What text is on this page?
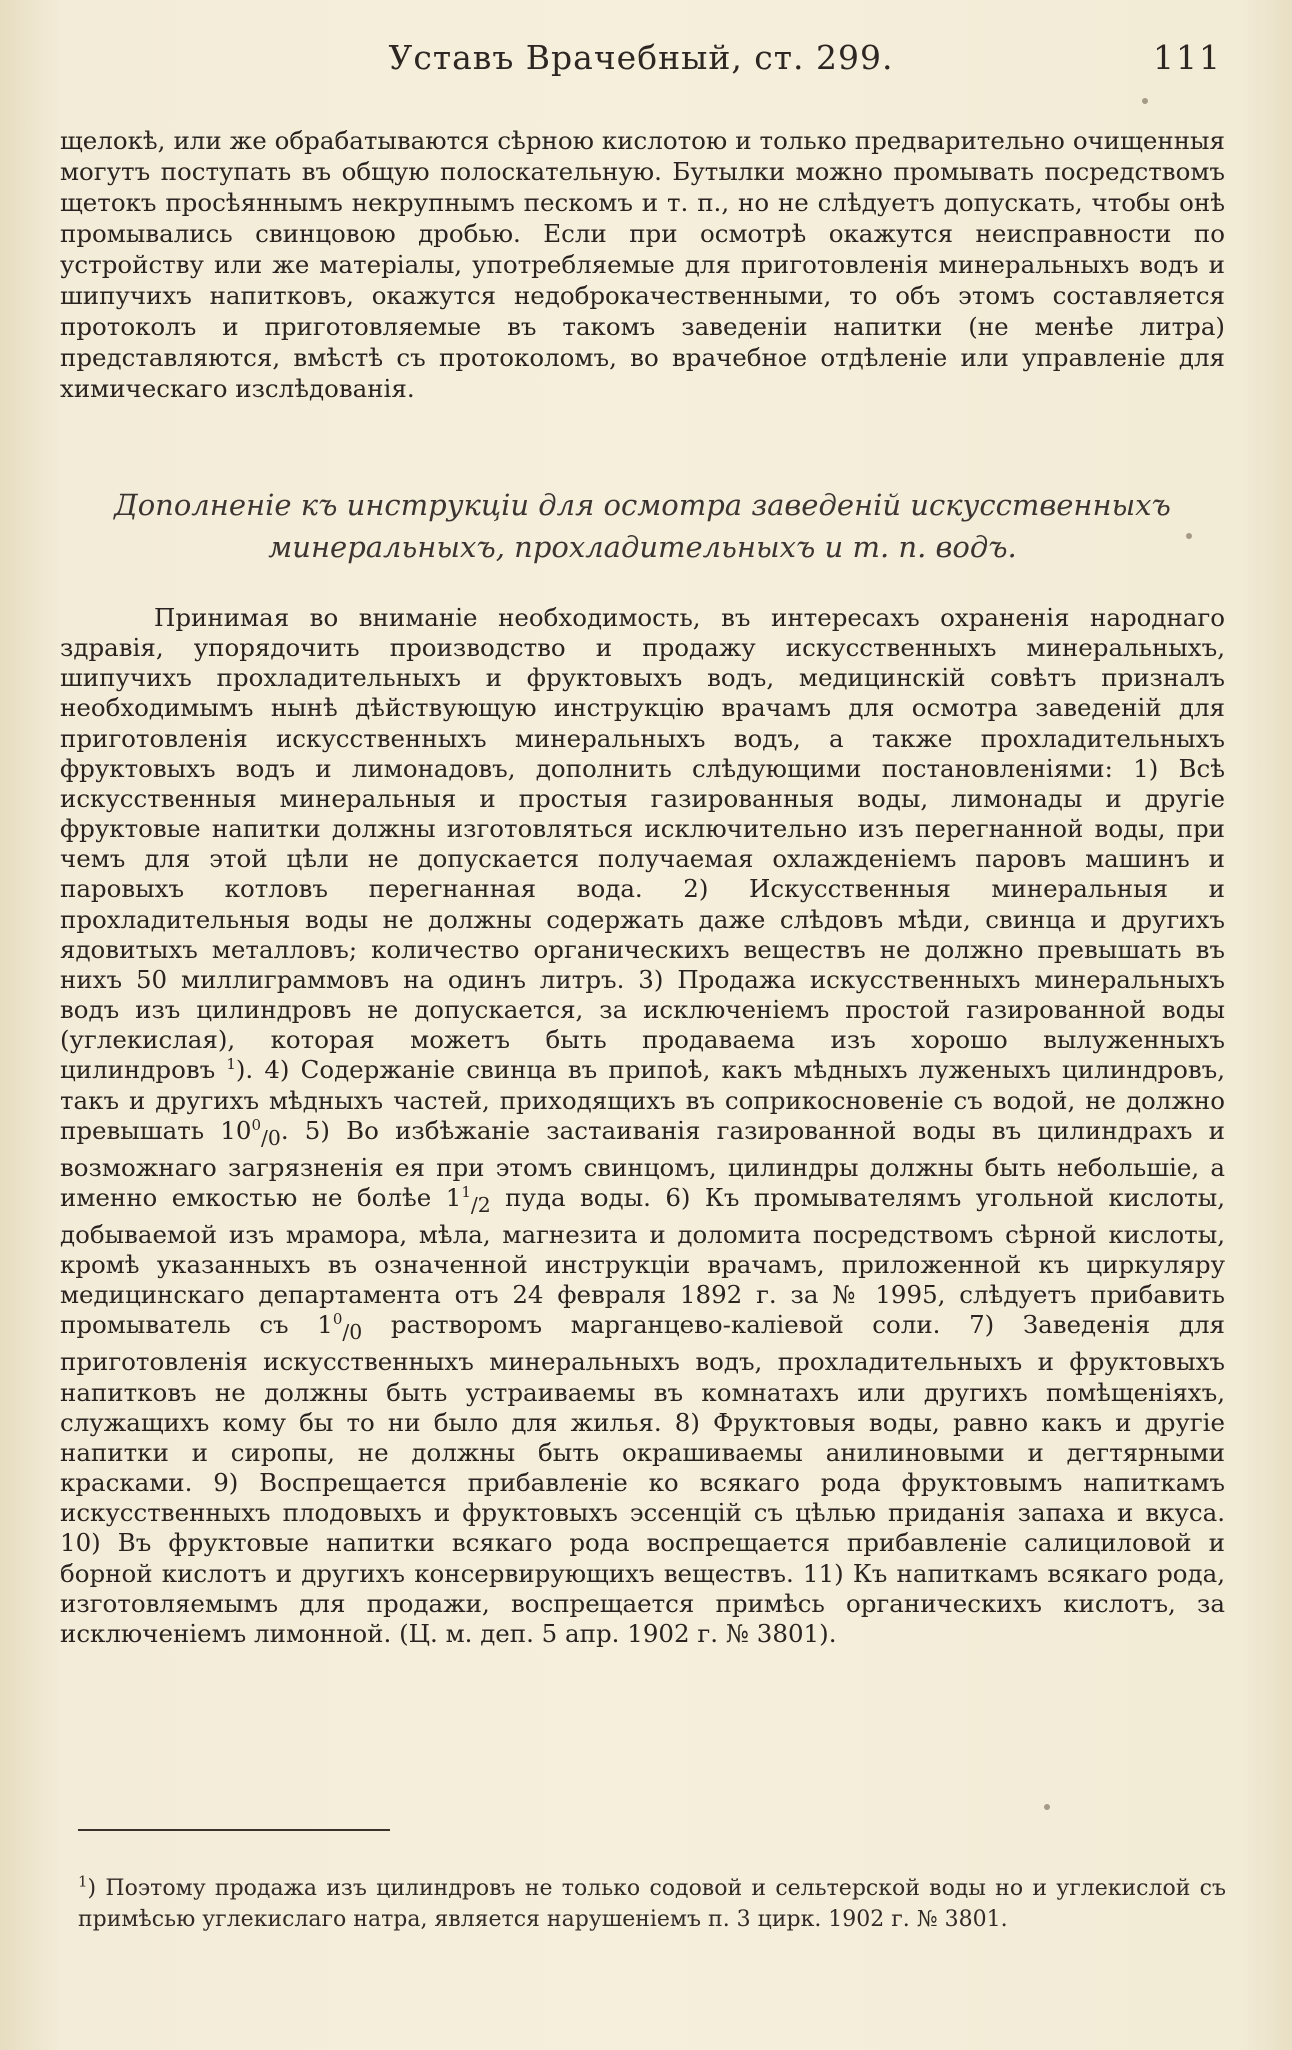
Уставъ Врачебный, ст. 299.	111
щелокѣ, или же обрабатываются сѣрною кислотою и только предварительно очищенныя могутъ поступать въ общую полоскательную. Бутылки можно промывать посредствомъ щетокъ просѣяннымъ некрупнымъ пескомъ и т. п., но не слѣдуетъ допускать, чтобы онѣ промывались свинцовою дробью. Если при осмотрѣ окажутся неисправности по устройству или же матеріалы, употребляемые для приготовленія минеральныхъ водъ и шипучихъ напитковъ, окажутся недоброкачественными, то объ этомъ составляется протоколъ и приготовляемые въ такомъ заведеніи напитки (не менѣе литра) представляются, вмѣстѣ съ протоколомъ, во врачебное отдѣленіе или управленіе для химическаго изслѣдованія.
Дополненіе къ инструкціи для осмотра заведеній искусственныхъ
минеральныхъ, прохладительныхъ и т. п. водъ.
Принимая во вниманіе необходимость, въ интересахъ охраненія народнаго здравія, упорядочить производство и продажу искусственныхъ минеральныхъ, шипучихъ прохладительныхъ и фруктовыхъ водъ, медицинскій совѣтъ призналъ необходимымъ нынѣ дѣйствующую инструкцію врачамъ для осмотра заведеній для приготовленія искусственныхъ минеральныхъ водъ, а также прохладительныхъ фруктовыхъ водъ и лимонадовъ, дополнить слѣдующими постановленіями: 1) Всѣ искусственныя минеральныя и простыя газированныя воды, лимонады и другіе фруктовые напитки должны изготовляться исключительно изъ перегнанной воды, при чемъ для этой цѣли не допускается получаемая охлажденіемъ паровъ машинъ и паровыхъ котловъ перегнанная вода. 2) Искусственныя минеральныя и прохладительныя воды не должны содержать даже слѣдовъ мѣди, свинца и другихъ ядовитыхъ металловъ; количество органическихъ веществъ не должно превышать въ нихъ 50 миллиграммовъ на одинъ литръ. 3) Продажа искусственныхъ минеральныхъ водъ изъ цилиндровъ не допускается, за исключеніемъ простой газированной воды (углекислая), которая можетъ быть продаваема изъ хорошо вылуженныхъ цилиндровъ $^1$). 4) Содержаніе свинца въ припоѣ, какъ мѣдныхъ луженыхъ цилиндровъ, такъ и другихъ мѣдныхъ частей, приходящихъ въ соприкосновеніе съ водой, не должно превышать $10^0_{/0}$. 5) Во избѣжаніе застаиванія газированной воды въ цилиндрахъ и возможнаго загрязненія ея при этомъ свинцомъ, цилиндры должны быть небольшіе, а именно емкостью не болѣе $1^1_{/2}$ пуда воды. 6) Къ промывателямъ угольной кислоты, добываемой изъ мрамора, мѣла, магнезита и доломита посредствомъ сѣрной кислоты, кромѣ указанныхъ въ означенной инструкціи врачамъ, приложенной къ циркуляру медицинскаго департамента отъ 24 февраля 1892 г. за № 1995, слѣдуетъ прибавить промыватель съ $1^0_{/0}$ растворомъ марганцево-каліевой соли. 7) Заведенія для приготовленія искусственныхъ минеральныхъ водъ, прохладительныхъ и фруктовыхъ напитковъ не должны быть устраиваемы въ комнатахъ или другихъ помѣщеніяхъ, служащихъ кому бы то ни было для жилья. 8) Фруктовыя воды, равно какъ и другіе напитки и сиропы, не должны быть окрашиваемы анилиновыми и дегтярными красками. 9) Воспрещается прибавленіе ко всякаго рода фруктовымъ напиткамъ искусственныхъ плодовыхъ и фруктовыхъ эссенцій съ цѣлью приданія запаха и вкуса. 10) Въ фруктовые напитки всякаго рода воспрещается прибавленіе салициловой и борной кислотъ и другихъ консервирующихъ веществъ. 11) Къ напиткамъ всякаго рода, изготовляемымъ для продажи, воспрещается примѣсь органическихъ кислотъ, за исключеніемъ лимонной. (Ц. м. деп. 5 апр. 1902 г. № 3801).
$^1$) Поэтому продажа изъ цилиндровъ не только содовой и сельтерской воды но и углекислой съ примѣсью углекислаго натра, является нарушеніемъ п. 3 цирк. 1902 г. № 3801.
